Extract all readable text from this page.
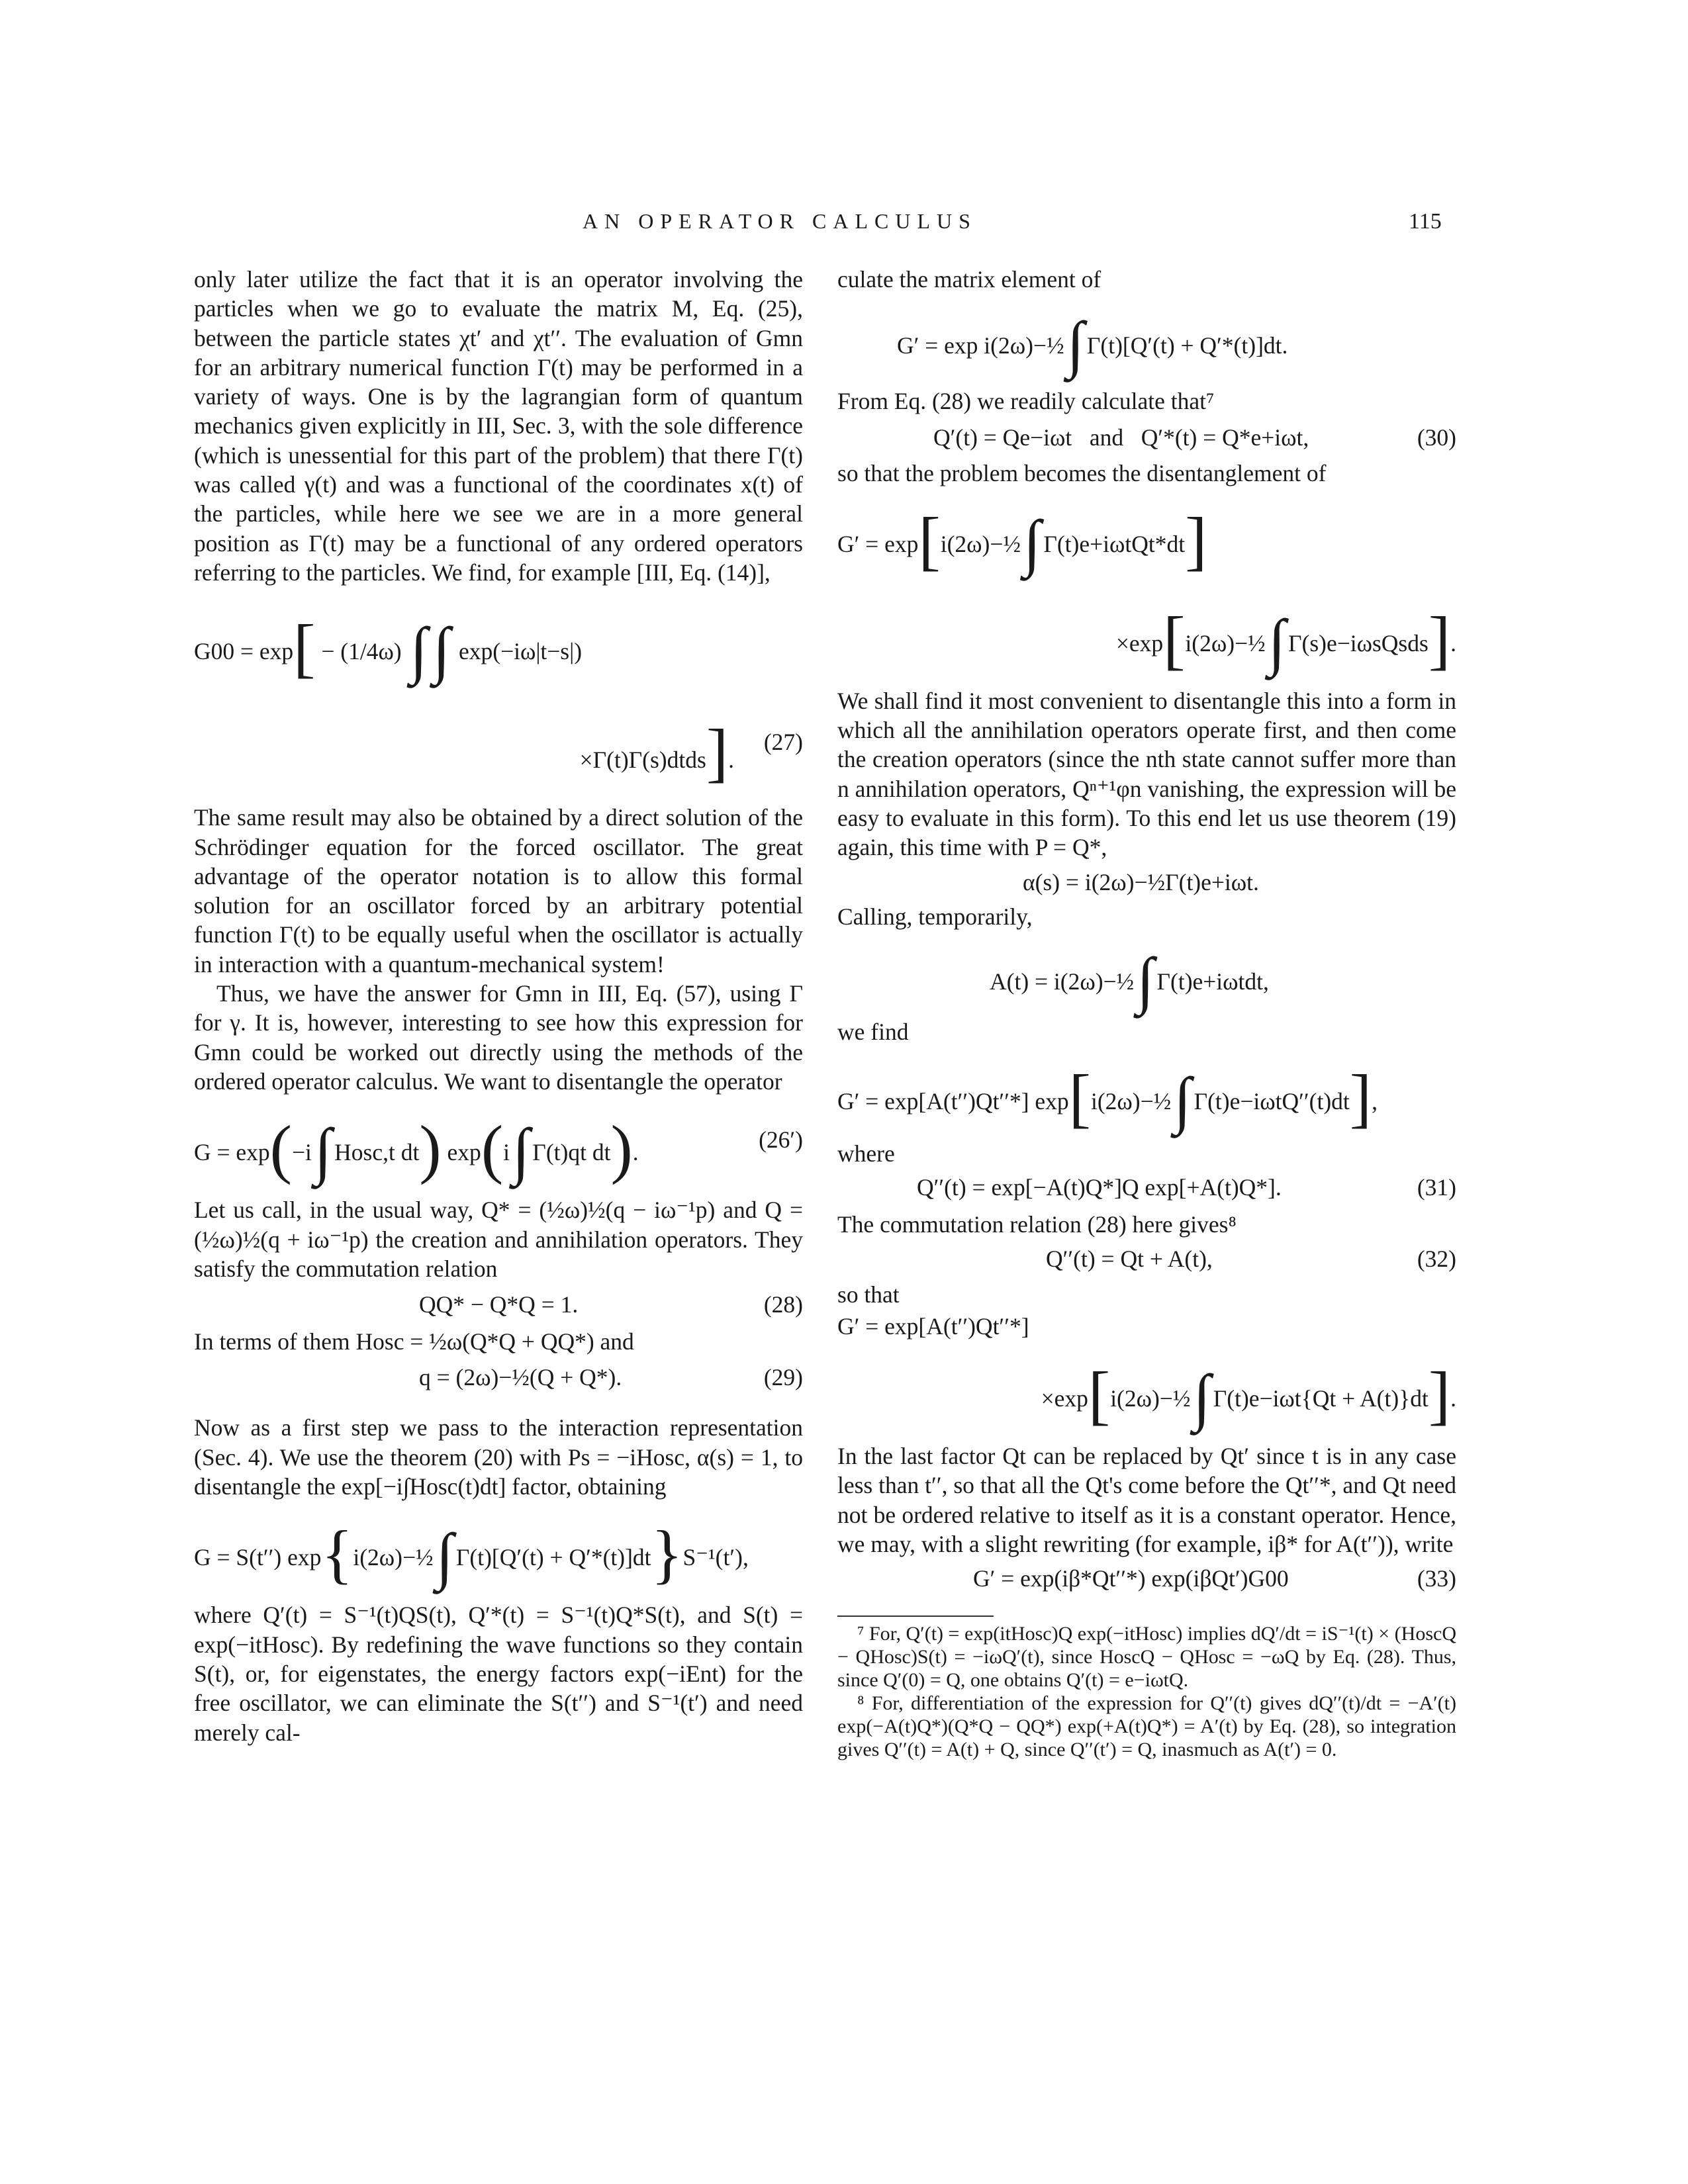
AN OPERATOR CALCULUS	115

only later utilize the fact that it is an operator involving the particles when we go to evaluate the matrix M, Eq. (25), between the particle states χt′ and χt′′. The evaluation of Gmn for an arbitrary numerical function Γ(t) may be performed in a variety of ways. One is by the lagrangian form of quantum mechanics given explicitly in III, Sec. 3, with the sole difference (which is unessential for this part of the problem) that there Γ(t) was called γ(t) and was a functional of the coordinates x(t) of the particles, while here we see we are in a more general position as Γ(t) may be a functional of any ordered operators referring to the particles. We find, for example [III, Eq. (14)],

G00 = exp[ − (1/4ω) ∫∫ exp(−iω|t−s|)
×Γ(t)Γ(s)dtds].
(27)

The same result may also be obtained by a direct solution of the Schrödinger equation for the forced oscillator. The great advantage of the operator notation is to allow this formal solution for an oscillator forced by an arbitrary potential function Γ(t) to be equally useful when the oscillator is actually in interaction with a quantum-mechanical system!

Thus, we have the answer for Gmn in III, Eq. (57), using Γ for γ. It is, however, interesting to see how this expression for Gmn could be worked out directly using the methods of the ordered operator calculus. We want to disentangle the operator

G = exp(−i∫ Hosc,t dt) exp(i∫ Γ(t)qt dt).	(26′)

Let us call, in the usual way, Q* = (½ω)½(q − iω⁻¹p) and Q = (½ω)½(q + iω⁻¹p) the creation and annihilation operators. They satisfy the commutation relation

QQ* − Q*Q = 1.	(28)

In terms of them Hosc = ½ω(Q*Q + QQ*) and

q = (2ω)−½(Q + Q*).	(29)

Now as a first step we pass to the interaction representation (Sec. 4). We use the theorem (20) with Ps = −iHosc, α(s) = 1, to disentangle the exp[−i∫Hosc(t)dt] factor, obtaining

G = S(t′′) exp{i(2ω)−½∫ Γ(t)[Q′(t) + Q′*(t)]dt}S⁻¹(t′),

where Q′(t) = S⁻¹(t)QS(t), Q′*(t) = S⁻¹(t)Q*S(t), and S(t) = exp(−itHosc). By redefining the wave functions so they contain S(t), or, for eigenstates, the energy factors exp(−iEnt) for the free oscillator, we can eliminate the S(t′′) and S⁻¹(t′) and need merely cal-

culate the matrix element of

G′ = exp i(2ω)−½∫ Γ(t)[Q′(t) + Q′*(t)]dt.

From Eq. (28) we readily calculate that⁷

Q′(t) = Qe−iωt and Q′*(t) = Q*e+iωt,	(30)

so that the problem becomes the disentanglement of

G′ = exp[i(2ω)−½∫ Γ(t)e+iωtQt*dt]
×exp[i(2ω)−½∫ Γ(s)e−iωsQsds].

We shall find it most convenient to disentangle this into a form in which all the annihilation operators operate first, and then come the creation operators (since the nth state cannot suffer more than n annihilation operators, Qⁿ⁺¹φn vanishing, the expression will be easy to evaluate in this form). To this end let us use theorem (19) again, this time with P = Q*,

α(s) = i(2ω)−½Γ(t)e+iωt.

Calling, temporarily,

A(t) = i(2ω)−½∫ Γ(t)e+iωtdt,

we find

G′ = exp[A(t′′)Qt′′*] exp[i(2ω)−½∫ Γ(t)e−iωtQ′′(t)dt],

where

Q′′(t) = exp[−A(t)Q*]Q exp[+A(t)Q*].	(31)

The commutation relation (28) here gives⁸

Q′′(t) = Qt + A(t),	(32)

so that

G′ = exp[A(t′′)Qt′′*]
×exp[i(2ω)−½∫ Γ(t)e−iωt{Qt + A(t)}dt].

In the last factor Qt can be replaced by Qt′ since t is in any case less than t′′, so that all the Qt's come before the Qt′′*, and Qt need not be ordered relative to itself as it is a constant operator. Hence, we may, with a slight rewriting (for example, iβ* for A(t′′)), write

G′ = exp(iβ*Qt′′*) exp(iβQt′)G00	(33)

⁷ For, Q′(t) = exp(itHosc)Q exp(−itHosc) implies dQ′/dt = iS⁻¹(t) × (HoscQ − QHosc)S(t) = −iωQ′(t), since HoscQ − QHosc = −ωQ by Eq. (28). Thus, since Q′(0) = Q, one obtains Q′(t) = e−iωtQ.

⁸ For, differentiation of the expression for Q′′(t) gives dQ′′(t)/dt = −A′(t) exp(−A(t)Q*)(Q*Q − QQ*) exp(+A(t)Q*) = A′(t) by Eq. (28), so integration gives Q′′(t) = A(t) + Q, since Q′′(t′) = Q, inasmuch as A(t′) = 0.
